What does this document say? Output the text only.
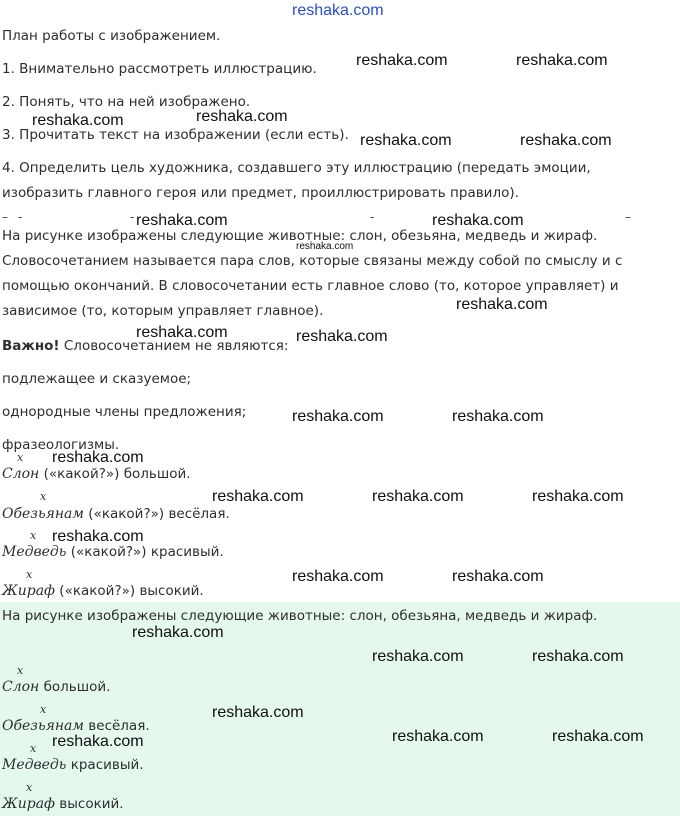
reshaka.com
План работы с изображением.
1. Внимательно рассмотреть иллюстрацию.
2. Понять, что на ней изображено.
3. Прочитать текст на изображении (если есть).
4. Определить цель художника, создавшего эту иллюстрацию (передать эмоции,
изобразить главного героя или предмет, проиллюстрировать правило).
– -	-	-	–
На рисунке изображены следующие животные: слон, обезьяна, медведь и жираф.
Словосочетанием называется пара слов, которые связаны между собой по смыслу и с
помощью окончаний. В словосочетании есть главное слово (то, которое управляет) и
зависимое (то, которым управляет главное).
Важно! Словосочетанием не являются:
подлежащее и сказуемое;
однородные члены предложения;
фразеологизмы.
x
Слон («какой?») большой.
x
Обезьянам («какой?») весёлая.
x
Медведь («какой?») красивый.
x
Жираф («какой?») высокий.
На рисунке изображены следующие животные: слон, обезьяна, медведь и жираф.
x
Слон большой.
x
Обезьянам весёлая.
x
Медведь красивый.
x
Жираф высокий.
reshaka.com	reshaka.com
reshaka.com
reshaka.com
reshaka.com	reshaka.com
reshaka.com	reshaka.com
reshaka.com
reshaka.com
reshaka.com	reshaka.com
reshaka.com	reshaka.com
reshaka.com
reshaka.com	reshaka.com	reshaka.com
reshaka.com
reshaka.com	reshaka.com
reshaka.com
reshaka.com	reshaka.com
reshaka.com
reshaka.com	reshaka.com	reshaka.com
